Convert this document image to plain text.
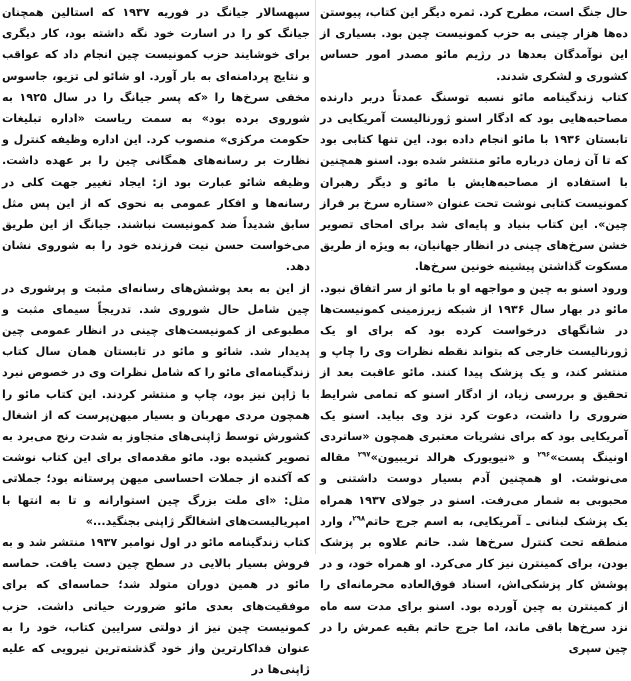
حال جنگ است، مطرح کرد. ثمره دیگر این کتاب، پیوستن ده‌ها هزار چینی به حزب کمونیست چین بود. بسیاری از این نوآمدگان بعدها در رژیم مائو مصدر امور حساس کشوری و لشکری شدند.

کتاب زندگینامه مائو نسبه توسنگ عمدتاً دربر دارنده مصاحبه‌هایی بود که ادگار اسنو ژورنالیست آمریکایی در تابستان ۱۹۳۶ با مائو انجام داده بود. این تنها کتابی بود که تا آن زمان درباره مائو منتشر شده بود. اسنو همچنین با استفاده از مصاحبه‌هایش با مائو و دیگر رهبران کمونیست کتابی نوشت تحت عنوان «ستاره سرخ بر فراز چین». این کتاب بنیاد و پایه‌ای شد برای امحای تصویر خشن سرخ‌های چینی در انظار جهانیان، به ویژه از طریق مسکوت گذاشتن پیشینه خونین سرخ‌ها.

ورود اسنو به چین و مواجهه او با مائو از سر اتفاق نبود. مائو در بهار سال ۱۹۳۶ از شبکه زیرزمینی کمونیست‌ها در شانگهای درخواست کرده بود که برای او یک ژورنالیست خارجی که بتواند نقطه نظرات وی را چاپ و منتشر کند، و یک پزشک پیدا کنند. مائو عاقبت بعد از تحقیق و بررسی زیاد، از ادگار اسنو که تمامی شرایط ضروری را داشت، دعوت کرد نزد وی بیاید. اسنو یک آمریکایی بود که برای نشریات معتبری همچون «ساتردی اونینگ پست»$^{۲۹۶}$ و «نیویورک هرالد تریبیون»$^{۲۹۷}$ مقاله می‌نوشت. او همچنین آدم بسیار دوست داشتنی و محبوبی به شمار می‌رفت. اسنو در جولای ۱۹۳۷ همراه یک پزشک لبنانی ـ آمریکایی، به اسم جرج حاتم$^{۲۹۸}$، وارد منطقه تحت کنترل سرخ‌ها شد. حاتم علاوه بر پزشک بودن، برای کمینترن نیز کار می‌کرد. او همراه خود، و در پوشش کار پزشکی‌اش، اسناد فوق‌العاده محرمانه‌ای را از کمینترن به چین آورده بود. اسنو برای مدت سه ماه نزد سرخ‌ها باقی ماند، اما جرج حاتم بقیه عمرش را در چین سپری

سپهسالار جیانگ در فوریه ۱۹۳۷ که استالین همچنان جیانگ کو را در اسارت خود نگه داشته بود، کار دیگری برای خوشایند حزب کمونیست چین انجام داد که عواقب و نتایج پردامنه‌ای به بار آورد. او شائو لی تزیو، جاسوس مخفی سرخ‌ها را «که پسر جیانگ را در سال ۱۹۲۵ به شوروی برده بود» به سمت ریاست «اداره تبلیغات حکومت مرکزی» منصوب کرد. این اداره وظیفه کنترل و نظارت بر رسانه‌های همگانی چین را بر عهده داشت. وظیفه شائو عبارت بود از: ایجاد تغییر جهت کلی در رسانه‌ها و افکار عمومی به نحوی که از این پس مثل سابق شدیداً ضد کمونیست نباشند. جیانگ از این طریق می‌خواست حسن نیت فرزنده خود را به شوروی نشان دهد.

از این به بعد پوشش‌های رسانه‌ای مثبت و پرشوری در چین شامل حال شوروی شد. تدریجاً سیمای مثبت و مطبوعی از کمونیست‌های چینی در انظار عمومی چین پدیدار شد. شائو و مائو در تابستان همان سال کتاب زندگینامه‌ای مائو را که شامل نظرات وی در خصوص نبرد با ژاپن نیز بود، چاپ و منتشر کردند. این کتاب مائو را همچون مردی مهربان و بسیار میهن‌پرست که از اشغال کشورش توسط ژاپنی‌های متجاوز به شدت رنج می‌برد به تصویر کشیده بود. مائو مقدمه‌ای برای این کتاب نوشت که آکنده از جملات احساسی میهن پرستانه بود؛ جملاتی مثل: «ای ملت بزرگ چین استوارانه و تا به انتها با امپریالیست‌های اشغالگر ژاپنی بجنگید...»

کتاب زندگینامه مائو در اول نوامبر ۱۹۳۷ منتشر شد و به فروش بسیار بالایی در سطح چین دست یافت. حماسه مائو در همین دوران متولد شد؛ حماسه‌ای که برای موفقیت‌های بعدی مائو ضرورت حیاتی داشت. حزب کمونیست چین نیز از دولتی سرایین کتاب، خود را به عنوان فداکارترین واز خود گذشته‌ترین نیرویی که علیه ژاپنی‌ها در
